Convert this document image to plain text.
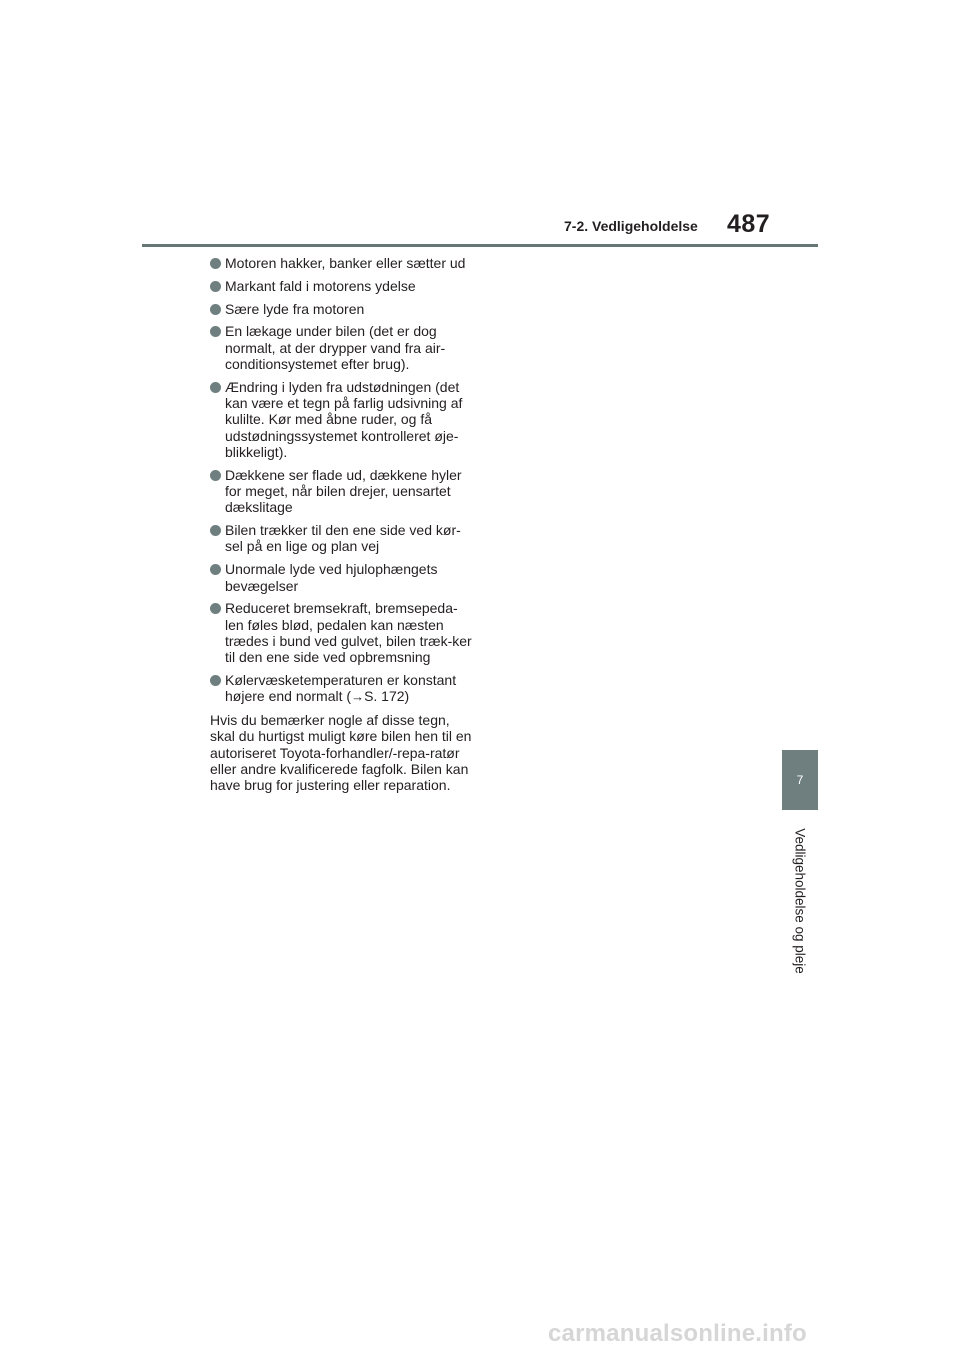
7-2. Vedligeholdelse 487
Motoren hakker, banker eller sætter ud
Markant fald i motorens ydelse
Sære lyde fra motoren
En lækage under bilen (det er dog normalt, at der drypper vand fra air-conditionsystemet efter brug).
Ændring i lyden fra udstødningen (det kan være et tegn på farlig udsivning af kulilte. Kør med åbne ruder, og få udstødningssystemet kontrolleret øje-blikkeligt).
Dækkene ser flade ud, dækkene hyler for meget, når bilen drejer, uensartet dækslitage
Bilen trækker til den ene side ved kør-sel på en lige og plan vej
Unormale lyde ved hjulophængets bevægelser
Reduceret bremsekraft, bremsepeda-len føles blød, pedalen kan næsten trædes i bund ved gulvet, bilen træk-ker til den ene side ved opbremsning
Kølervæsketemperaturen er konstant højere end normalt (→S. 172)

Hvis du bemærker nogle af disse tegn, skal du hurtigst muligt køre bilen hen til en autoriseret Toyota-forhandler/-repa-ratør eller andre kvalificerede fagfolk. Bilen kan have brug for justering eller reparation.	7
Vedligeholdelse og pleje
carmanualsonline.info
